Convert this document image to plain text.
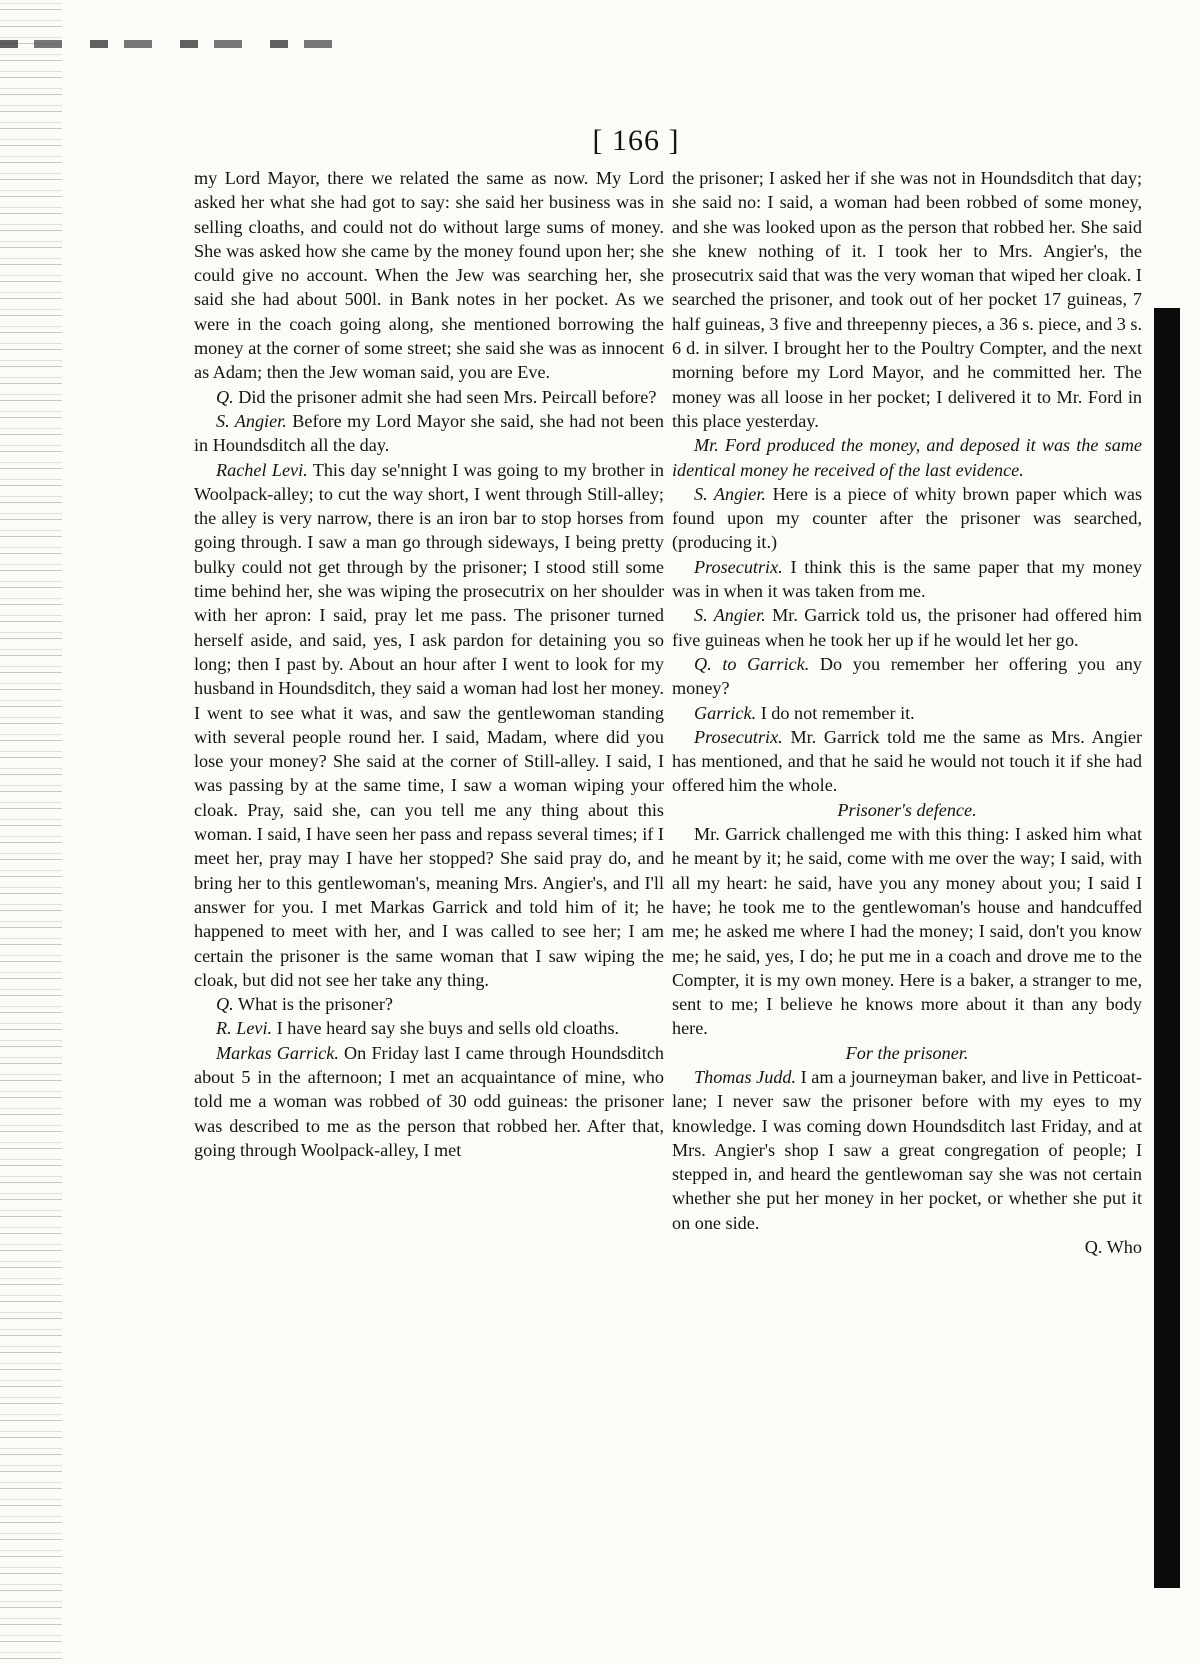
[ 166 ]

my Lord Mayor, there we related the same as now. My Lord asked her what she had got to say: she said her business was in selling cloaths, and could not do without large sums of money. She was asked how she came by the money found upon her; she could give no account. When the Jew was searching her, she said she had about 500l. in Bank notes in her pocket. As we were in the coach going along, she mentioned borrowing the money at the corner of some street; she said she was as innocent as Adam; then the Jew woman said, you are Eve.

Q. Did the prisoner admit she had seen Mrs. Peircall before?

S. Angier. Before my Lord Mayor she said, she had not been in Houndsditch all the day.

Rachel Levi. This day se'nnight I was going to my brother in Woolpack-alley; to cut the way short, I went through Still-alley; the alley is very narrow, there is an iron bar to stop horses from going through. I saw a man go through sideways, I being pretty bulky could not get through by the prisoner; I stood still some time behind her, she was wiping the prosecutrix on her shoulder with her apron: I said, pray let me pass. The prisoner turned herself aside, and said, yes, I ask pardon for detaining you so long; then I past by. About an hour after I went to look for my husband in Houndsditch, they said a woman had lost her money. I went to see what it was, and saw the gentlewoman standing with several people round her. I said, Madam, where did you lose your money? She said at the corner of Still-alley. I said, I was passing by at the same time, I saw a woman wiping your cloak. Pray, said she, can you tell me any thing about this woman. I said, I have seen her pass and repass several times; if I meet her, pray may I have her stopped? She said pray do, and bring her to this gentlewoman's, meaning Mrs. Angier's, and I'll answer for you. I met Markas Garrick and told him of it; he happened to meet with her, and I was called to see her; I am certain the prisoner is the same woman that I saw wiping the cloak, but did not see her take any thing.

Q. What is the prisoner?

R. Levi. I have heard say she buys and sells old cloaths.

Markas Garrick. On Friday last I came through Houndsditch about 5 in the afternoon; I met an acquaintance of mine, who told me a woman was robbed of 30 odd guineas: the prisoner was described to me as the person that robbed her. After that, going through Woolpack-alley, I met

the prisoner; I asked her if she was not in Houndsditch that day; she said no: I said, a woman had been robbed of some money, and she was looked upon as the person that robbed her. She said she knew nothing of it. I took her to Mrs. Angier's, the prosecutrix said that was the very woman that wiped her cloak. I searched the prisoner, and took out of her pocket 17 guineas, 7 half guineas, 3 five and threepenny pieces, a 36 s. piece, and 3 s. 6 d. in silver. I brought her to the Poultry Compter, and the next morning before my Lord Mayor, and he committed her. The money was all loose in her pocket; I delivered it to Mr. Ford in this place yesterday.

Mr. Ford produced the money, and deposed it was the same identical money he received of the last evidence.

S. Angier. Here is a piece of whity brown paper which was found upon my counter after the prisoner was searched, (producing it.)

Prosecutrix. I think this is the same paper that my money was in when it was taken from me.

S. Angier. Mr. Garrick told us, the prisoner had offered him five guineas when he took her up if he would let her go.

Q. to Garrick. Do you remember her offering you any money?

Garrick. I do not remember it.

Prosecutrix. Mr. Garrick told me the same as Mrs. Angier has mentioned, and that he said he would not touch it if she had offered him the whole.

Prisoner's defence.

Mr. Garrick challenged me with this thing: I asked him what he meant by it; he said, come with me over the way; I said, with all my heart: he said, have you any money about you; I said I have; he took me to the gentlewoman's house and handcuffed me; he asked me where I had the money; I said, don't you know me; he said, yes, I do; he put me in a coach and drove me to the Compter, it is my own money. Here is a baker, a stranger to me, sent to me; I believe he knows more about it than any body here.

For the prisoner.

Thomas Judd. I am a journeyman baker, and live in Petticoat-lane; I never saw the prisoner before with my eyes to my knowledge. I was coming down Houndsditch last Friday, and at Mrs. Angier's shop I saw a great congregation of people; I stepped in, and heard the gentlewoman say she was not certain whether she put her money in her pocket, or whether she put it on one side.

Q. Who
